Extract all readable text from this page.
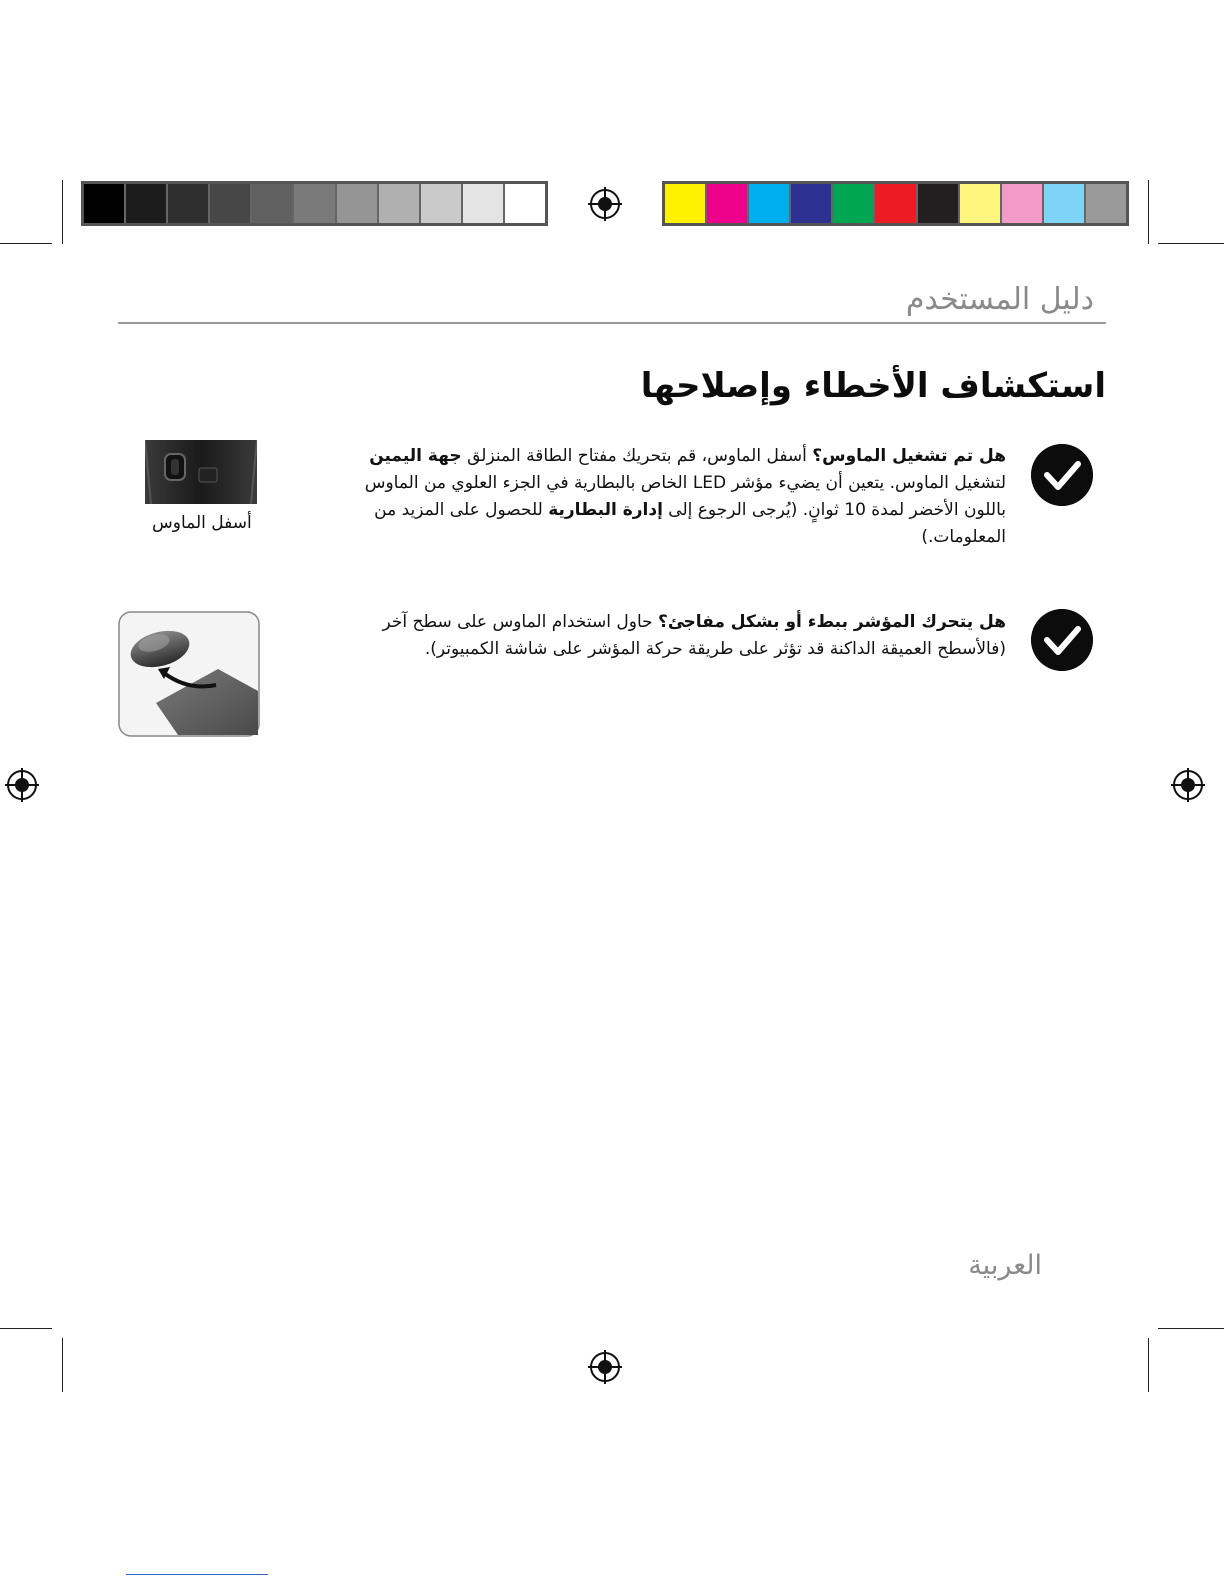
دليل المستخدم
استكشاف الأخطاء وإصلاحها
هل تم تشغيل الماوس؟ أسفل الماوس، قم بتحريك مفتاح الطاقة المنزلق جهة اليمين لتشغيل الماوس. يتعين أن يضيء مؤشر LED الخاص بالبطارية في الجزء العلوي من الماوس باللون الأخضر لمدة 10 ثوانٍ. (يُرجى الرجوع إلى إدارة البطارية للحصول على المزيد من المعلومات.)
أسفل الماوس
هل يتحرك المؤشر ببطء أو بشكل مفاجئ؟ حاول استخدام الماوس على سطح آخر (فالأسطح العميقة الداكنة قد تؤثر على طريقة حركة المؤشر على شاشة الكمبيوتر).
العربية
